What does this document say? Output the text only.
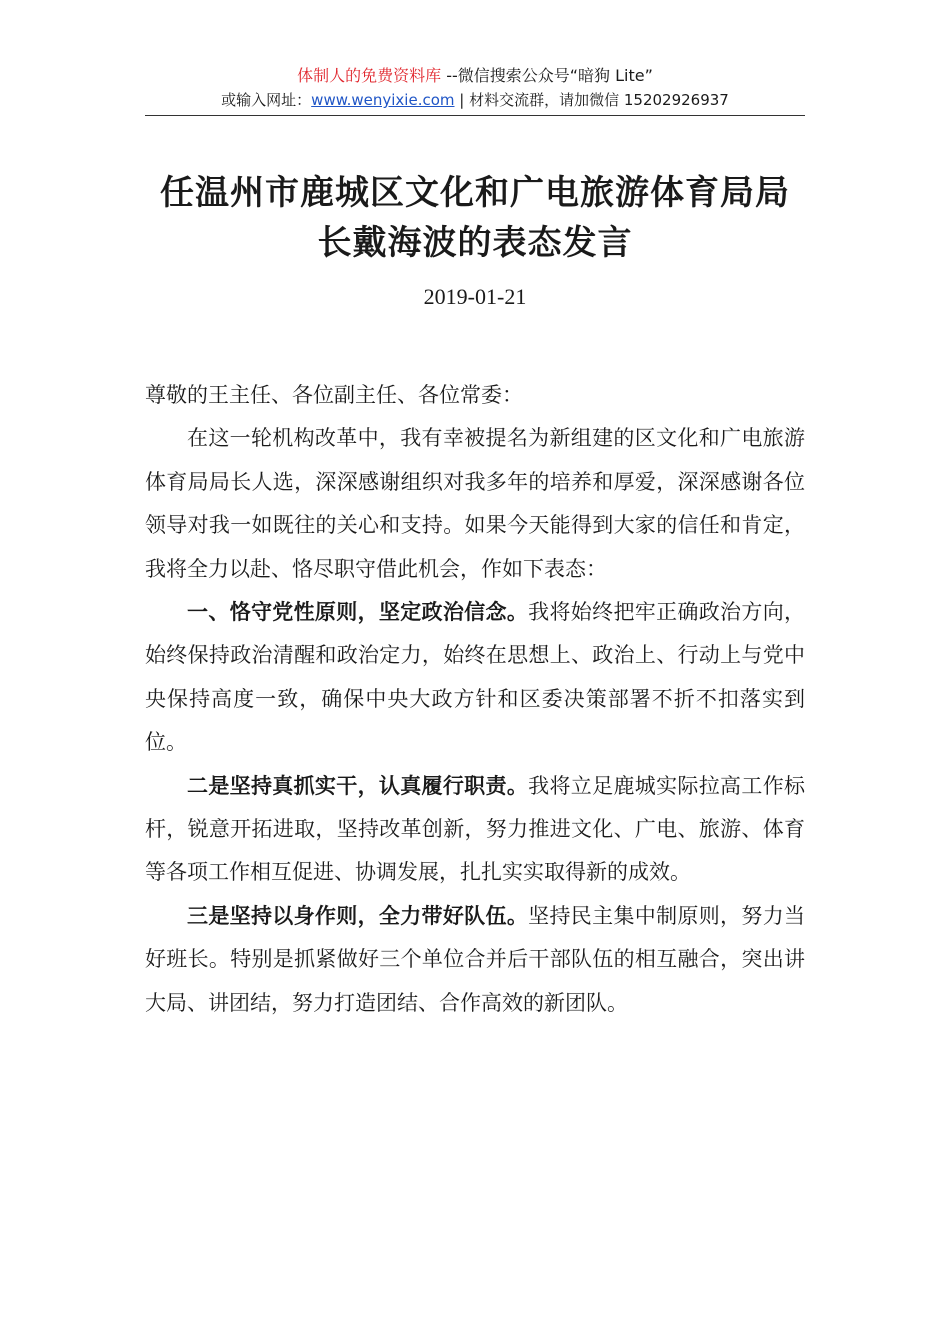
体制人的免费资料库 --微信搜索公众号“暗狗 Lite”
或输入网址：www.wenyixie.com | 材料交流群，请加微信 15202926937
任温州市鹿城区文化和广电旅游体育局局
长戴海波的表态发言
2019-01-21

尊敬的王主任、各位副主任、各位常委：

在这一轮机构改革中，我有幸被提名为新组建的区文化和广电旅游体育局局长人选，深深感谢组织对我多年的培养和厚爱，深深感谢各位领导对我一如既往的关心和支持。如果今天能得到大家的信任和肯定，我将全力以赴、恪尽职守借此机会，作如下表态：

一、恪守党性原则，坚定政治信念。我将始终把牢正确政治方向，始终保持政治清醒和政治定力，始终在思想上、政治上、行动上与党中央保持高度一致，确保中央大政方针和区委决策部署不折不扣落实到位。

二是坚持真抓实干，认真履行职责。我将立足鹿城实际拉高工作标杆，锐意开拓进取，坚持改革创新，努力推进文化、广电、旅游、体育等各项工作相互促进、协调发展，扎扎实实取得新的成效。

三是坚持以身作则，全力带好队伍。坚持民主集中制原则，努力当好班长。特别是抓紧做好三个单位合并后干部队伍的相互融合，突出讲大局、讲团结，努力打造团结、合作高效的新团队。
